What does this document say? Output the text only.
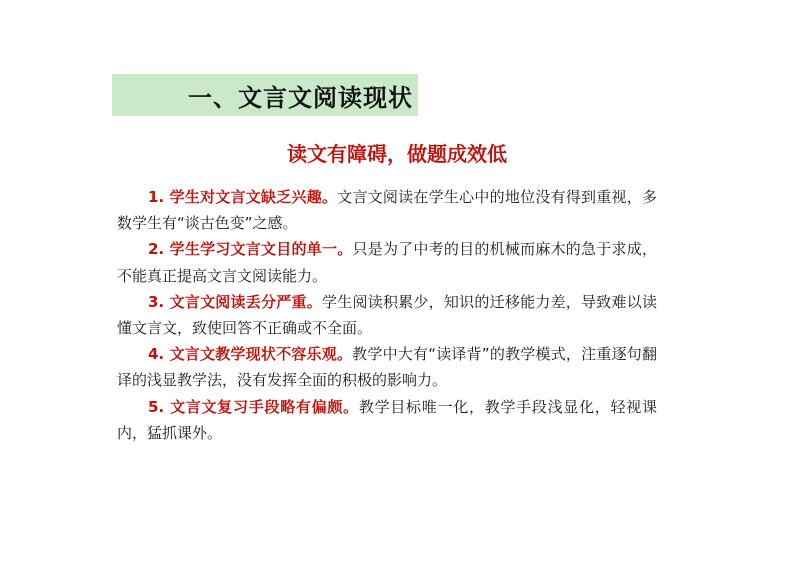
一、文言文阅读现状
读文有障碍，做题成效低

1. 学生对文言文缺乏兴趣。文言文阅读在学生心中的地位没有得到重视，多数学生有“谈古色变”之感。

2. 学生学习文言文目的单一。只是为了中考的目的机械而麻木的急于求成，不能真正提高文言文阅读能力。

3. 文言文阅读丢分严重。学生阅读积累少，知识的迁移能力差，导致难以读懂文言文，致使回答不正确或不全面。

4. 文言文教学现状不容乐观。教学中大有“读译背”的教学模式，注重逐句翻译的浅显教学法，没有发挥全面的积极的影响力。

5. 文言文复习手段略有偏颇。教学目标唯一化，教学手段浅显化，轻视课内，猛抓课外。
